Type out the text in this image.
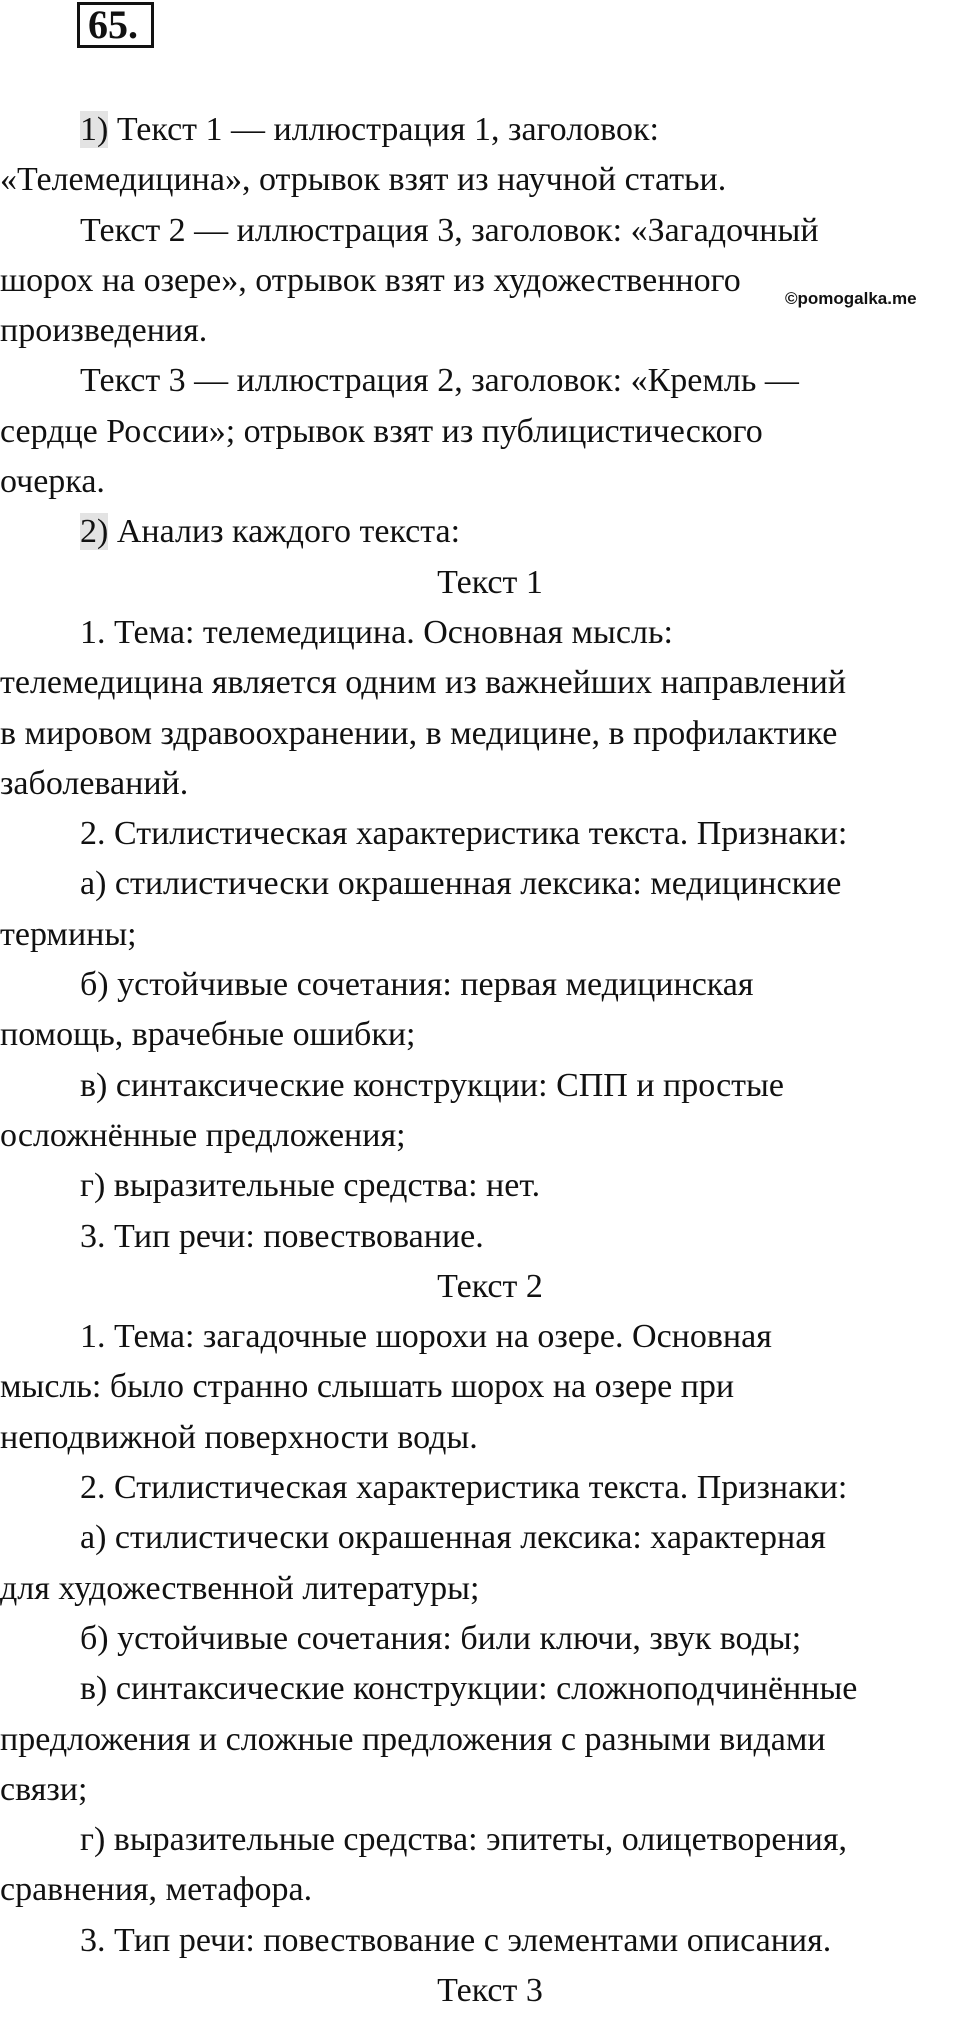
65.
©pomogalka.me

1) Текст 1 — иллюстрация 1, заголовок:

«Телемедицина», отрывок взят из научной статьи.

Текст 2 — иллюстрация 3, заголовок: «Загадочный

шорох на озере», отрывок взят из художественного

произведения.

Текст 3 — иллюстрация 2, заголовок: «Кремль —

сердце России»; отрывок взят из публицистического

очерка.

2) Анализ каждого текста:

Текст 1

1. Тема: телемедицина. Основная мысль:

телемедицина является одним из важнейших направлений

в мировом здравоохранении, в медицине, в профилактике

заболеваний.

2. Стилистическая характеристика текста. Признаки:

а) стилистически окрашенная лексика: медицинские

термины;

б) устойчивые сочетания: первая медицинская

помощь, врачебные ошибки;

в) синтаксические конструкции: СПП и простые

осложнённые предложения;

г) выразительные средства: нет.

3. Тип речи: повествование.

Текст 2

1. Тема: загадочные шорохи на озере. Основная

мысль: было странно слышать шорох на озере при

неподвижной поверхности воды.

2. Стилистическая характеристика текста. Признаки:

а) стилистически окрашенная лексика: характерная

для художественной литературы;

б) устойчивые сочетания: били ключи, звук воды;

в) синтаксические конструкции: сложноподчинённые

предложения и сложные предложения с разными видами

связи;

г) выразительные средства: эпитеты, олицетворения,

сравнения, метафора.

3. Тип речи: повествование с элементами описания.

Текст 3
